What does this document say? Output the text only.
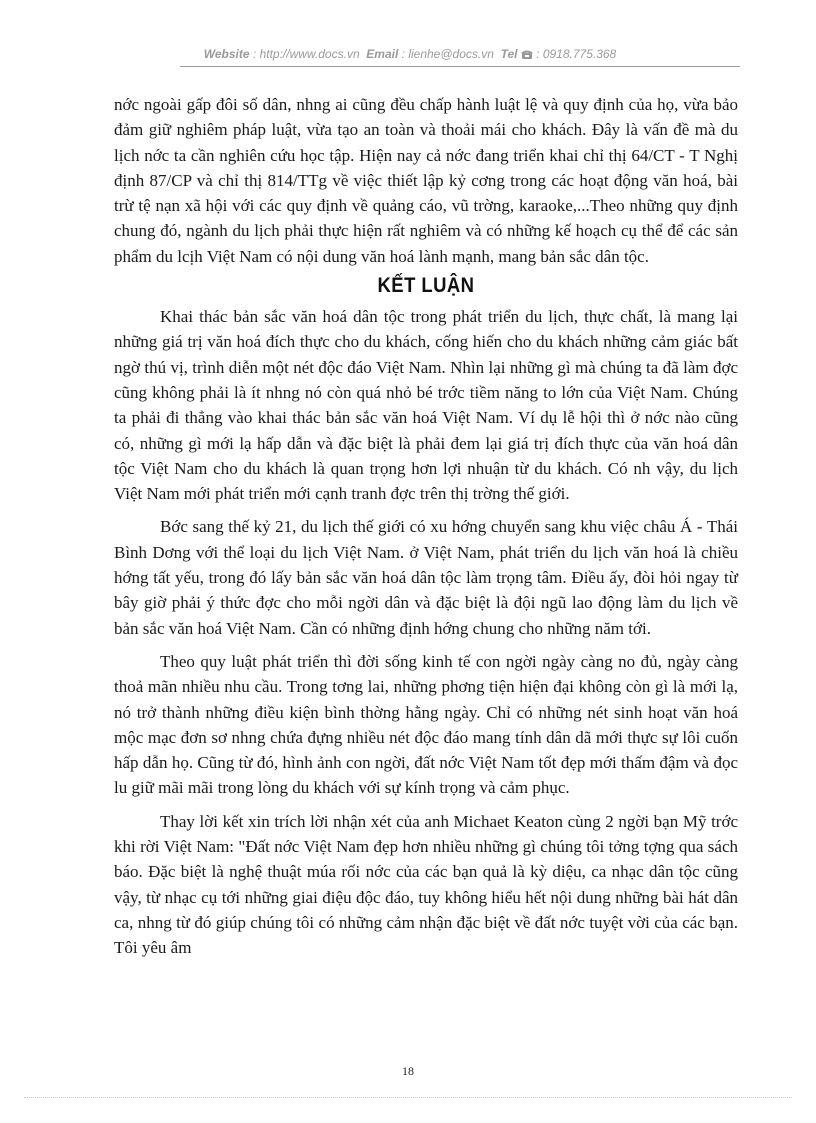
Website : http://www.docs.vn Email : lienhe@docs.vn Tel : 0918.775.368

nớc ngoài gấp đôi số dân, nhng ai cũng đều chấp hành luật lệ và quy định của họ, vừa bảo đảm giữ nghiêm pháp luật, vừa tạo an toàn và thoải mái cho khách. Đây là vấn đề mà du lịch nớc ta cần nghiên cứu học tập. Hiện nay cả nớc đang triển khai chỉ thị 64/CT - T Nghị định 87/CP và chỉ thị 814/TTg về việc thiết lập kỷ cơng trong các hoạt động văn hoá, bài trừ tệ nạn xã hội với các quy định về quảng cáo, vũ trờng, karaoke,...Theo những quy định chung đó, ngành du lịch phải thực hiện rất nghiêm và có những kế hoạch cụ thể để các sản phẩm du lcịh Việt Nam có nội dung văn hoá lành mạnh, mang bản sắc dân tộc.

KẾT LUẬN

Khai thác bản sắc văn hoá dân tộc trong phát triển du lịch, thực chất, là mang lại những giá trị văn hoá đích thực cho du khách, cống hiến cho du khách những cảm giác bất ngờ thú vị, trình diễn một nét độc đáo Việt Nam. Nhìn lại những gì mà chúng ta đã làm đợc cũng không phải là ít nhng nó còn quá nhỏ bé trớc tiềm năng to lớn của Việt Nam. Chúng ta phải đi thẳng vào khai thác bản sắc văn hoá Việt Nam. Ví dụ lễ hội thì ở nớc nào cũng có, những gì mới lạ hấp dẫn và đặc biệt là phải đem lại giá trị đích thực của văn hoá dân tộc Việt Nam cho du khách là quan trọng hơn lợi nhuận từ du khách. Có nh vậy, du lịch Việt Nam mới phát triển mới cạnh tranh đợc trên thị trờng thế giới.

Bớc sang thế kỷ 21, du lịch thế giới có xu hớng chuyển sang khu việc châu Á - Thái Bình Dơng với thể loại du lịch Việt Nam. ở Việt Nam, phát triển du lịch văn hoá là chiều hớng tất yếu, trong đó lấy bản sắc văn hoá dân tộc làm trọng tâm. Điều ấy, đòi hỏi ngay từ bây giờ phải ý thức đợc cho mỗi ngời dân và đặc biệt là đội ngũ lao động làm du lịch về bản sắc văn hoá Việt Nam. Cần có những định hớng chung cho những năm tới.

Theo quy luật phát triển thì đời sống kinh tế con ngời ngày càng no đủ, ngày càng thoả mãn nhiều nhu cầu. Trong tơng lai, những phơng tiện hiện đại không còn gì là mới lạ, nó trở thành những điều kiện bình thờng hằng ngày. Chỉ có những nét sinh hoạt văn hoá mộc mạc đơn sơ nhng chứa đựng nhiều nét độc đáo mang tính dân dã mới thực sự lôi cuốn hấp dẫn họ. Cũng từ đó, hình ảnh con ngời, đất nớc Việt Nam tốt đẹp mới thấm đậm và đọc lu giữ mãi mãi trong lòng du khách với sự kính trọng và cảm phục.

Thay lời kết xin trích lời nhận xét của anh Michaet Keaton cùng 2 ngời bạn Mỹ trớc khi rời Việt Nam: "Đất nớc Việt Nam đẹp hơn nhiều những gì chúng tôi tởng tợng qua sách báo. Đặc biệt là nghệ thuật múa rối nớc của các bạn quả là kỳ diệu, ca nhạc dân tộc cũng vậy, từ nhạc cụ tới những giai điệu độc đáo, tuy không hiểu hết nội dung những bài hát dân ca, nhng từ đó giúp chúng tôi có những cảm nhận đặc biệt về đất nớc tuyệt vời của các bạn. Tôi yêu âm

18
